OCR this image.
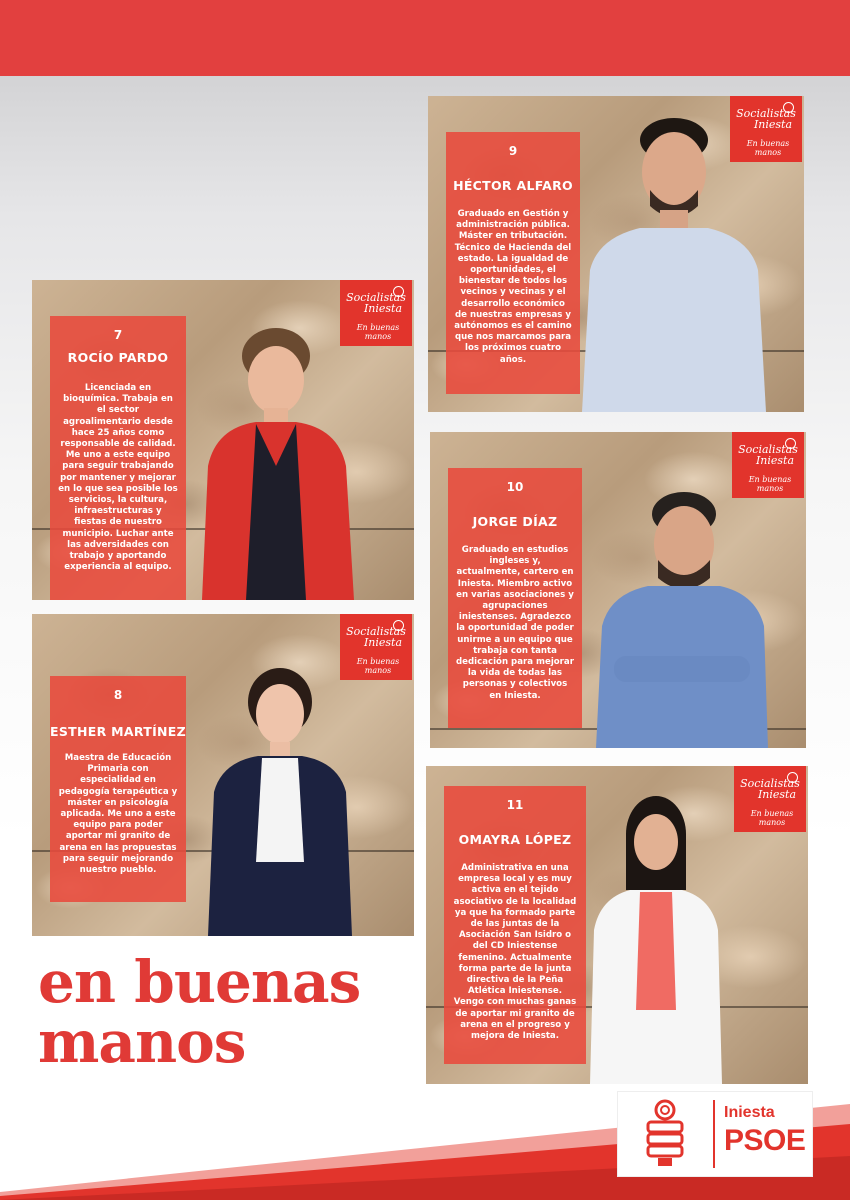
7
ROCÍO PARDO
Licenciada en bioquímica. Trabaja en el sector agroalimentario desde hace 25 años como responsable de calidad. Me uno a este equipo para seguir trabajando por mantener y mejorar en lo que sea posible los servicios, la cultura, infraestructuras y fiestas de nuestro municipio. Luchar ante las adversidades con trabajo y aportando experiencia al equipo.
Socialistas
Iniesta
En buenas manos
8
ESTHER MARTÍNEZ
Maestra de Educación Primaria con especialidad en pedagogía terapéutica y máster en psicología aplicada. Me uno a este equipo para poder aportar mi granito de arena en las propuestas para seguir mejorando nuestro pueblo.
Socialistas
Iniesta
En buenas manos
9
HÉCTOR ALFARO
Graduado en Gestión y administración pública. Máster en tributación. Técnico de Hacienda del estado. La igualdad de oportunidades, el bienestar de todos los vecinos y vecinas y el desarrollo económico de nuestras empresas y autónomos es el camino que nos marcamos para los próximos cuatro años.
Socialistas
Iniesta
En buenas manos
10
JORGE DÍAZ
Graduado en estudios ingleses y, actualmente, cartero en Iniesta. Miembro activo en varias asociaciones y agrupaciones iniestenses. Agradezco la oportunidad de poder unirme a un equipo que trabaja con tanta dedicación para mejorar la vida de todas las personas y colectivos en Iniesta.
Socialistas
Iniesta
En buenas manos
11
OMAYRA LÓPEZ
Administrativa en una empresa local y es muy activa en el tejido asociativo de la localidad ya que ha formado parte de las juntas de la Asociación San Isidro o del CD Iniestense femenino. Actualmente forma parte de la junta directiva de la Peña Atlética Iniestense. Vengo con muchas ganas de aportar mi granito de arena en el progreso y mejora de Iniesta.
Socialistas
Iniesta
En buenas manos
en buenas
manos
Iniesta
PSOE
